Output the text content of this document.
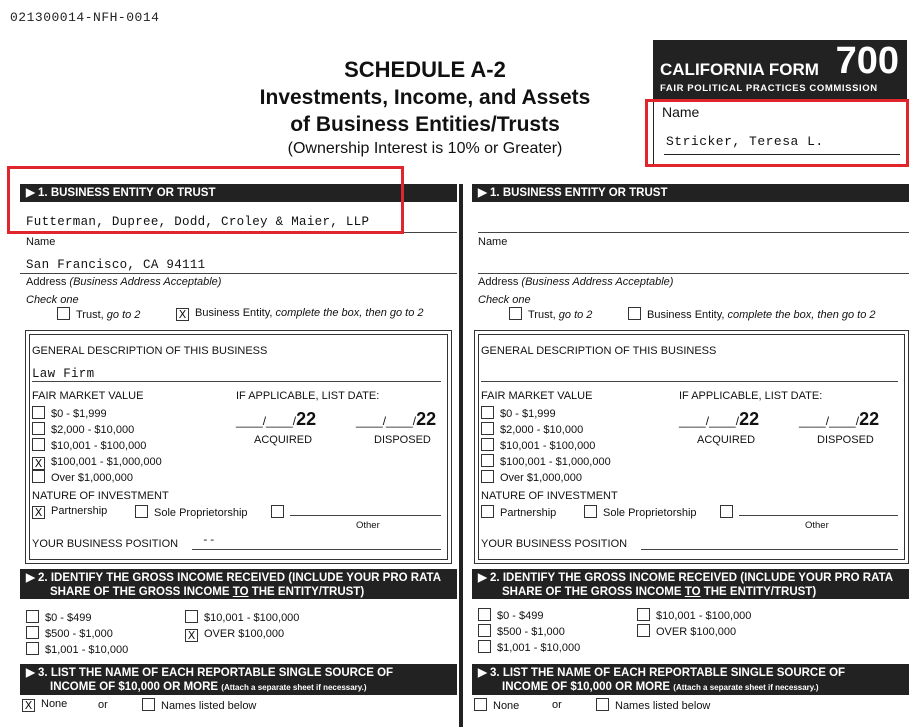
021300014-NFH-0014
SCHEDULE A-2
Investments, Income, and Assets
of Business Entities/Trusts
(Ownership Interest is 10% or Greater)
CALIFORNIA FORM 700
FAIR POLITICAL PRACTICES COMMISSION
Name
Stricker, Teresa L.
▶ 1. BUSINESS ENTITY OR TRUST
Futterman, Dupree, Dodd, Croley & Maier, LLP
Name
San Francisco, CA 94111
Address (Business Address Acceptable)
Check one
Trust, go to 2	X Business Entity, complete the box, then go to 2
GENERAL DESCRIPTION OF THIS BUSINESS
Law Firm
FAIR MARKET VALUE	IF APPLICABLE, LIST DATE:
$0 - $1,999
$2,000 - $10,000
$10,001 - $100,000
X $100,001 - $1,000,000
Over $1,000,000
____/____/22
ACQUIRED
____/____/22
DISPOSED
NATURE OF INVESTMENT
X Partnership	Sole Proprietorship
Other
YOUR BUSINESS POSITION --
▶ 2. IDENTIFY THE GROSS INCOME RECEIVED (INCLUDE YOUR PRO RATA
SHARE OF THE GROSS INCOME TO THE ENTITY/TRUST)
$0 - $499
$500 - $1,000
$1,001 - $10,000
$10,001 - $100,000
X OVER $100,000
▶ 3. LIST THE NAME OF EACH REPORTABLE SINGLE SOURCE OF
INCOME OF $10,000 OR MORE (Attach a separate sheet if necessary.)
X None	or	Names listed below
▶ 1. BUSINESS ENTITY OR TRUST
Name
Address (Business Address Acceptable)
Check one
Trust, go to 2	Business Entity, complete the box, then go to 2
GENERAL DESCRIPTION OF THIS BUSINESS
FAIR MARKET VALUE	IF APPLICABLE, LIST DATE:
$0 - $1,999
$2,000 - $10,000
$10,001 - $100,000
$100,001 - $1,000,000
Over $1,000,000
____/____/22
ACQUIRED
____/____/22
DISPOSED
NATURE OF INVESTMENT
Partnership	Sole Proprietorship
Other
YOUR BUSINESS POSITION
▶ 2. IDENTIFY THE GROSS INCOME RECEIVED (INCLUDE YOUR PRO RATA
SHARE OF THE GROSS INCOME TO THE ENTITY/TRUST)
$0 - $499
$500 - $1,000
$1,001 - $10,000
$10,001 - $100,000
OVER $100,000
▶ 3. LIST THE NAME OF EACH REPORTABLE SINGLE SOURCE OF
INCOME OF $10,000 OR MORE (Attach a separate sheet if necessary.)
None	or	Names listed below
